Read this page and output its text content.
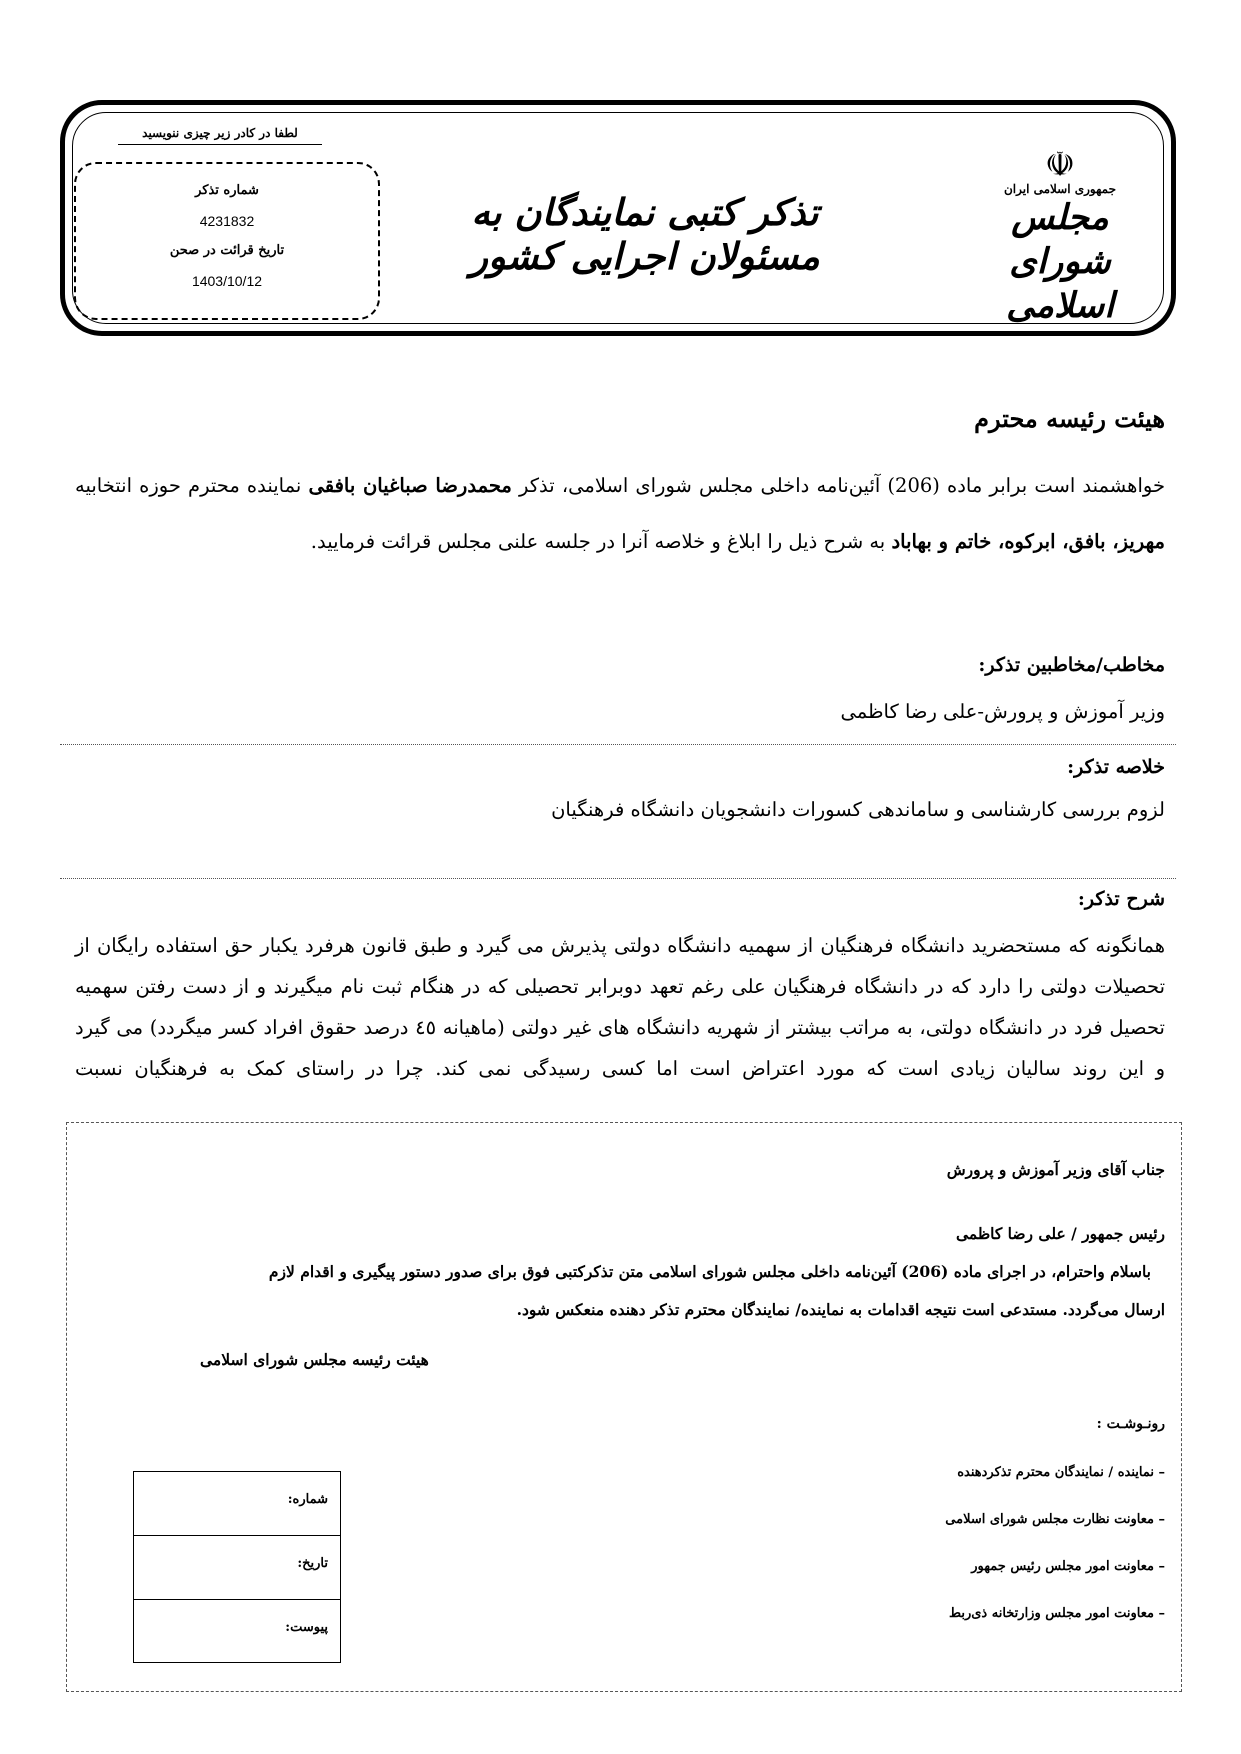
لطفا در کادر زیر چیزی ننویسید
شماره تذکر
4231832
تاریخ قرائت در صحن
1403/10/12
تذکر کتبی نمایندگان به مسئولان اجرایی کشور
☫
جمهوری اسلامی ایران
مجلس شورای اسلامی
هیئت رئیسه محترم
خواهشمند است برابر ماده (206) آئین‌نامه داخلی مجلس شورای اسلامی، تذکر محمدرضا صباغیان بافقی نماینده محترم حوزه انتخابیه مهریز، بافق، ابرکوه، خاتم و بهاباد به شرح ذیل را ابلاغ و خلاصه آنرا در جلسه علنی مجلس قرائت فرمایید.
مخاطب/مخاطبین تذکر:
وزیر آموزش و پرورش-علی رضا کاظمی
خلاصه تذکر:
لزوم بررسی کارشناسی و ساماندهی کسورات دانشجویان دانشگاه فرهنگیان
شرح تذکر:
همانگونه که مستحضرید دانشگاه فرهنگیان از سهمیه دانشگاه دولتی پذیرش می گیرد و طبق قانون هرفرد یکبار حق استفاده رایگان از تحصیلات دولتی را دارد که در دانشگاه فرهنگیان علی رغم تعهد دوبرابر تحصیلی که در هنگام ثبت نام میگیرند و از دست رفتن سهمیه تحصیل فرد در دانشگاه دولتی، به مراتب بیشتر از شهریه دانشگاه های غیر دولتی (ماهیانه ٤٥ درصد حقوق افراد کسر میگردد) می گیرد و این روند سالیان زیادی است که مورد اعتراض است اما کسی رسیدگی نمی کند. چرا در راستای کمک به فرهنگیان نسبت
جناب آقای وزیر آموزش و پرورش
رئیس جمهور / علی رضا کاظمی
باسلام واحترام، در اجرای ماده (206) آئین‌نامه داخلی مجلس شورای اسلامی متن تذکرکتبی فوق برای صدور دستور پیگیری و اقدام لازم
ارسال می‌گردد. مستدعی است نتیجه اقدامات به نماینده/ نمایندگان محترم تذکر دهنده منعکس شود.
هیئت رئیسه مجلس شورای اسلامی
رونـوشـت :
– نماینده / نمایندگان محترم تذکردهنده
– معاونت نظارت مجلس شورای اسلامی
– معاونت امور مجلس رئیس جمهور
– معاونت امور مجلس وزارتخانه ذی‌ربط
شماره:
تاریخ:
پیوست:
